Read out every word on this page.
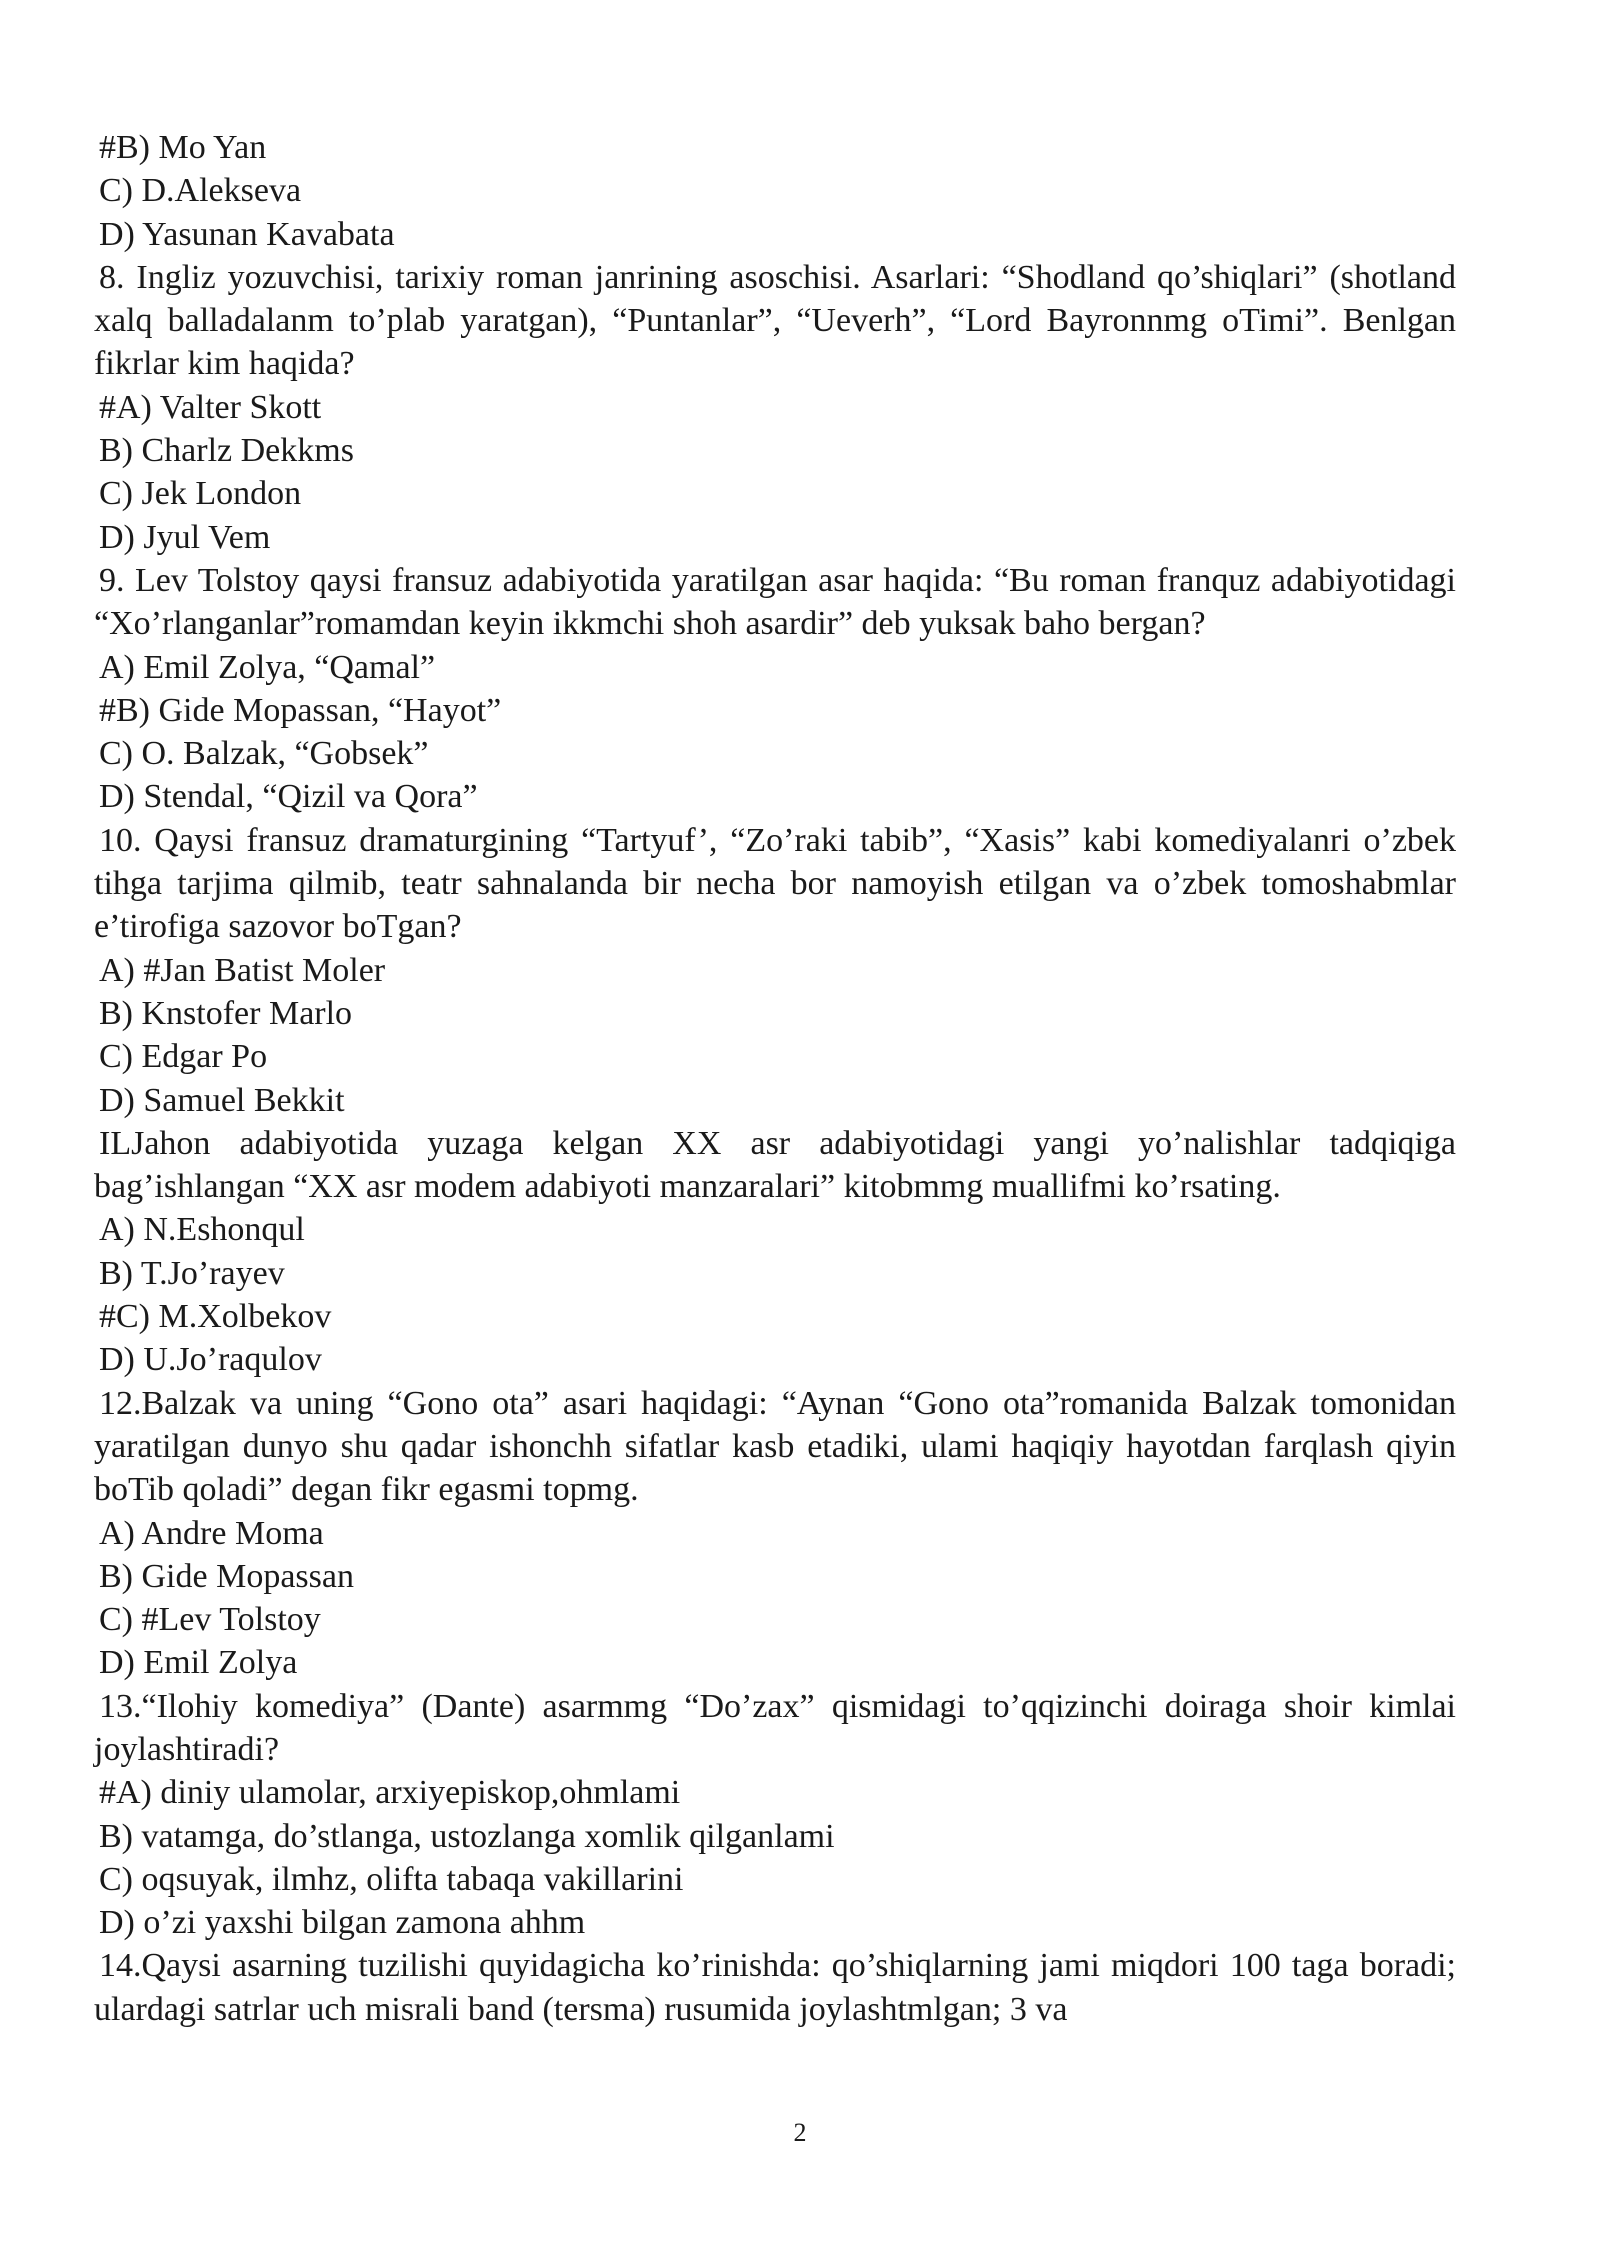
#B) Mo Yan
C) D.Alekseva
D) Yasunan Kavabata
8. Ingliz yozuvchisi, tarixiy roman janrining asoschisi. Asarlari: “Shodland qo’shiqlari” (shotland xalq balladalanm to’plab yaratgan), “Puntanlar”, “Ueverh”, “Lord Bayronnmg oTimi”. Benlgan fikrlar kim haqida?
#A) Valter Skott
B) Charlz Dekkms
C) Jek London
D) Jyul Vem
9. Lev Tolstoy qaysi fransuz adabiyotida yaratilgan asar haqida: “Bu roman franquz adabiyotidagi “Xo’rlanganlar”romamdan keyin ikkmchi shoh asardir” deb yuksak baho bergan?
A) Emil Zolya, “Qamal”
#B) Gide Mopassan, “Hayot”
C) O. Balzak, “Gobsek”
D) Stendal, “Qizil va Qora”
10. Qaysi fransuz dramaturgining “Tartyuf’, “Zo’raki tabib”, “Xasis” kabi komediyalanri o’zbek tihga tarjima qilmib, teatr sahnalanda bir necha bor namoyish etilgan va o’zbek tomoshabmlar e’tirofiga sazovor boTgan?
A) #Jan Batist Moler
B) Knstofer Marlo
C) Edgar Po
D) Samuel Bekkit
ILJahon adabiyotida yuzaga kelgan XX asr adabiyotidagi yangi yo’nalishlar tadqiqiga bag’ishlangan “XX asr modem adabiyoti manzaralari” kitobmmg muallifmi ko’rsating.
A) N.Eshonqul
B) T.Jo’rayev
#C) M.Xolbekov
D) U.Jo’raqulov
12.Balzak va uning “Gono ota” asari haqidagi: “Aynan “Gono ota”romanida Balzak tomonidan yaratilgan dunyo shu qadar ishonchh sifatlar kasb etadiki, ulami haqiqiy hayotdan farqlash qiyin boTib qoladi” degan fikr egasmi topmg.
A) Andre Moma
B) Gide Mopassan
C) #Lev Tolstoy
D) Emil Zolya
13.“Ilohiy komediya” (Dante) asarmmg “Do’zax” qismidagi to’qqizinchi doiraga shoir kimlai joylashtiradi?
#A) diniy ulamolar, arxiyepiskop,ohmlami
B) vatamga, do’stlanga, ustozlanga xomlik qilganlami
C) oqsuyak, ilmhz, olifta tabaqa vakillarini
D) o’zi yaxshi bilgan zamona ahhm
14.Qaysi asarning tuzilishi quyidagicha ko’rinishda: qo’shiqlarning jami miqdori 100 taga boradi; ulardagi satrlar uch misrali band (tersma) rusumida joylashtmlgan; 3 va
2
